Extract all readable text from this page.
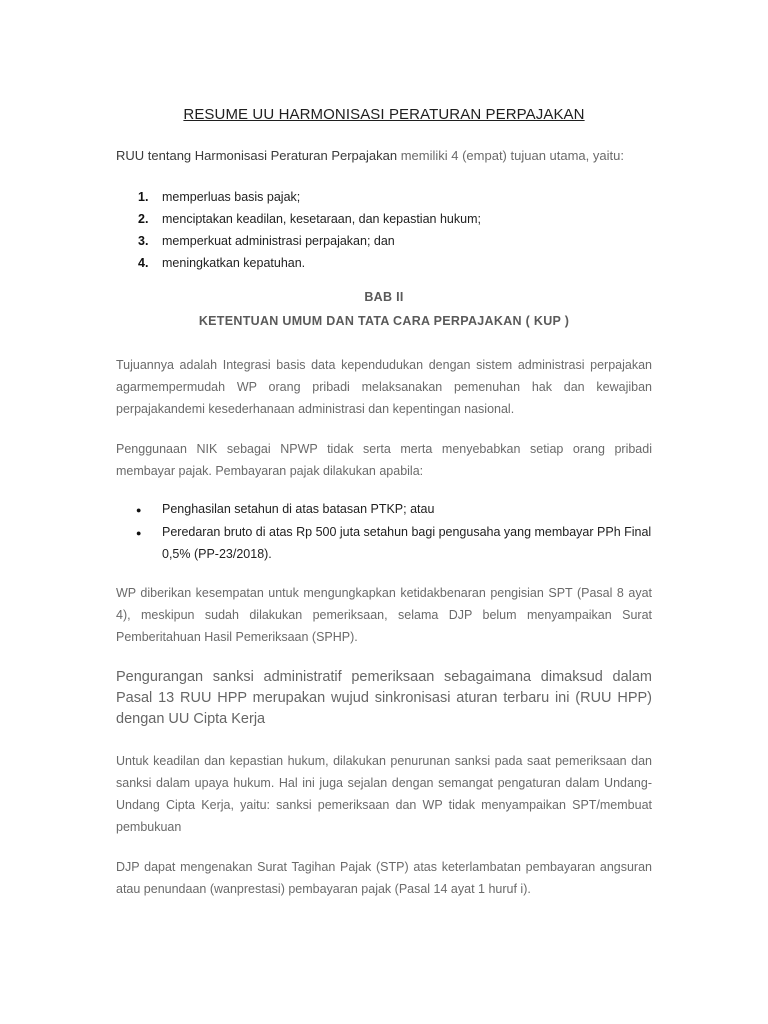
RESUME UU HARMONISASI PERATURAN PERPAJAKAN
RUU tentang Harmonisasi Peraturan Perpajakan memiliki 4 (empat) tujuan utama, yaitu:
1.	memperluas basis pajak;
2.	menciptakan keadilan, kesetaraan, dan kepastian hukum;
3.	memperkuat administrasi perpajakan; dan
4.	meningkatkan kepatuhan.
BAB II
KETENTUAN UMUM DAN TATA CARA PERPAJAKAN ( KUP )

Tujuannya adalah Integrasi basis data kependudukan dengan sistem administrasi perpajakan agarmempermudah WP orang pribadi melaksanakan pemenuhan hak dan kewajiban perpajakandemi kesederhanaan administrasi dan kepentingan nasional.

Penggunaan NIK sebagai NPWP tidak serta merta menyebabkan setiap orang pribadi membayar pajak. Pembayaran pajak dilakukan apabila:

●	Penghasilan setahun di atas batasan PTKP; atau
●	Peredaran bruto di atas Rp 500 juta setahun bagi pengusaha yang membayar PPh Final 0,5% (PP-23/2018).

WP diberikan kesempatan untuk mengungkapkan ketidakbenaran pengisian SPT (Pasal 8 ayat 4), meskipun sudah dilakukan pemeriksaan, selama DJP belum menyampaikan Surat Pemberitahuan Hasil Pemeriksaan (SPHP).

Pengurangan sanksi administratif pemeriksaan sebagaimana dimaksud dalam Pasal 13 RUU HPP merupakan wujud sinkronisasi aturan terbaru ini (RUU HPP) dengan UU Cipta Kerja

Untuk keadilan dan kepastian hukum, dilakukan penurunan sanksi pada saat pemeriksaan dan sanksi dalam upaya hukum. Hal ini juga sejalan dengan semangat pengaturan dalam Undang-Undang Cipta Kerja, yaitu: sanksi pemeriksaan dan WP tidak menyampaikan SPT/membuat pembukuan

DJP dapat mengenakan Surat Tagihan Pajak (STP) atas keterlambatan pembayaran angsuran atau penundaan (wanprestasi) pembayaran pajak (Pasal 14 ayat 1 huruf i).
